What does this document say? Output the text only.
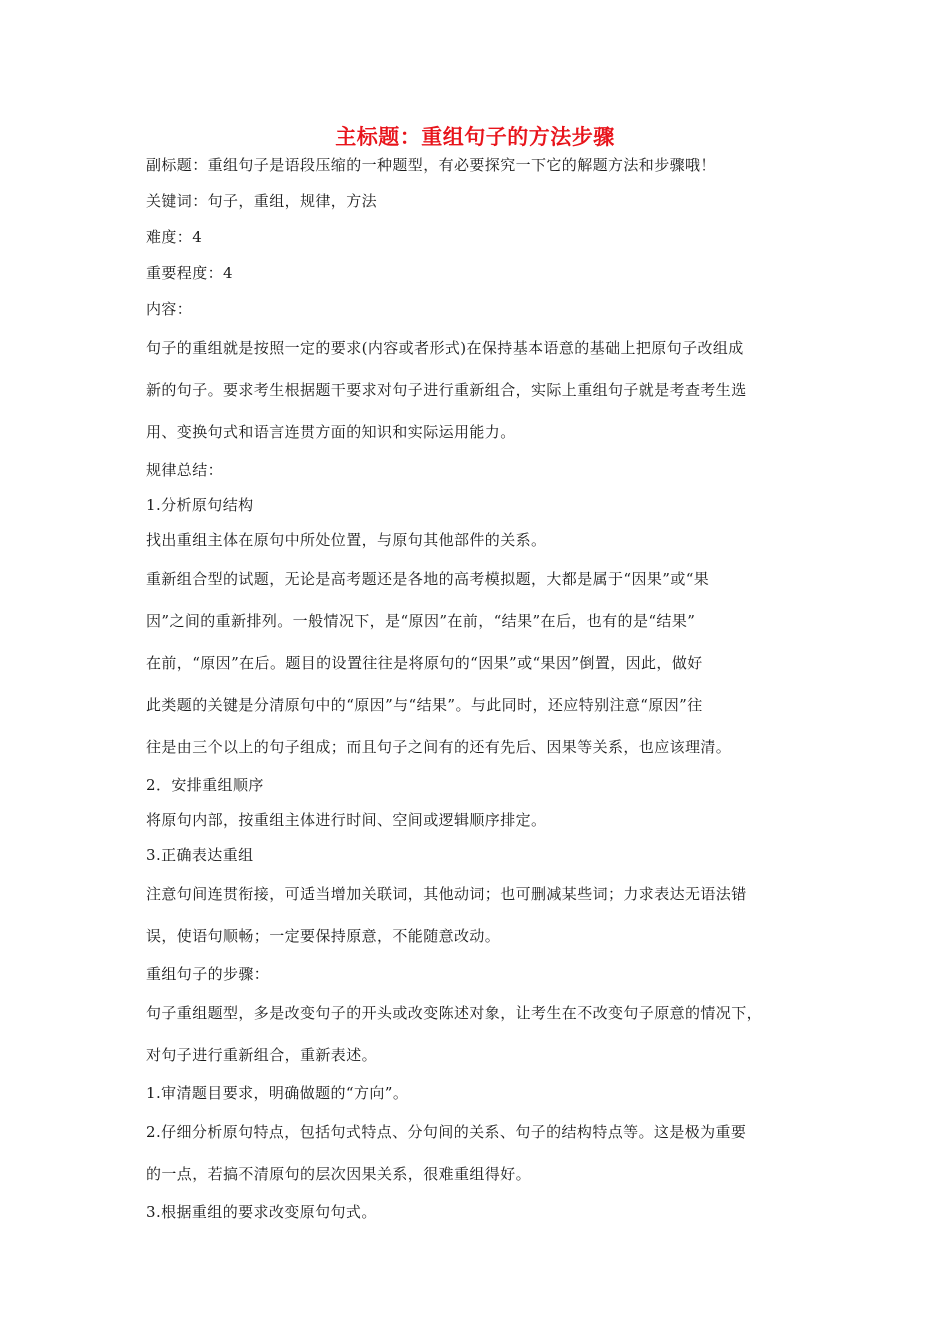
主标题：重组句子的方法步骤
副标题：重组句子是语段压缩的一种题型，有必要探究一下它的解题方法和步骤哦！
关键词：句子，重组，规律，方法
难度：4
重要程度：4
内容：
句子的重组就是按照一定的要求(内容或者形式)在保持基本语意的基础上把原句子改组成
新的句子。要求考生根据题干要求对句子进行重新组合，实际上重组句子就是考查考生选
用、变换句式和语言连贯方面的知识和实际运用能力。
规律总结：
1.分析原句结构
找出重组主体在原句中所处位置，与原句其他部件的关系。
重新组合型的试题，无论是高考题还是各地的高考模拟题，大都是属于“因果”或“果
因”之间的重新排列。一般情况下，是“原因”在前，“结果”在后，也有的是“结果”
在前，“原因”在后。题目的设置往往是将原句的“因果”或“果因”倒置，因此，做好
此类题的关键是分清原句中的“原因”与“结果”。与此同时，还应特别注意“原因”往
往是由三个以上的句子组成；而且句子之间有的还有先后、因果等关系，也应该理清。
2．安排重组顺序
将原句内部，按重组主体进行时间、空间或逻辑顺序排定。
3.正确表达重组
注意句间连贯衔接，可适当增加关联词，其他动词；也可删减某些词；力求表达无语法错
误，使语句顺畅；一定要保持原意，不能随意改动。
重组句子的步骤：
句子重组题型，多是改变句子的开头或改变陈述对象，让考生在不改变句子原意的情况下，
对句子进行重新组合，重新表述。
1.审清题目要求，明确做题的“方向”。
2.仔细分析原句特点，包括句式特点、分句间的关系、句子的结构特点等。这是极为重要
的一点，若搞不清原句的层次因果关系，很难重组得好。
3.根据重组的要求改变原句句式。
